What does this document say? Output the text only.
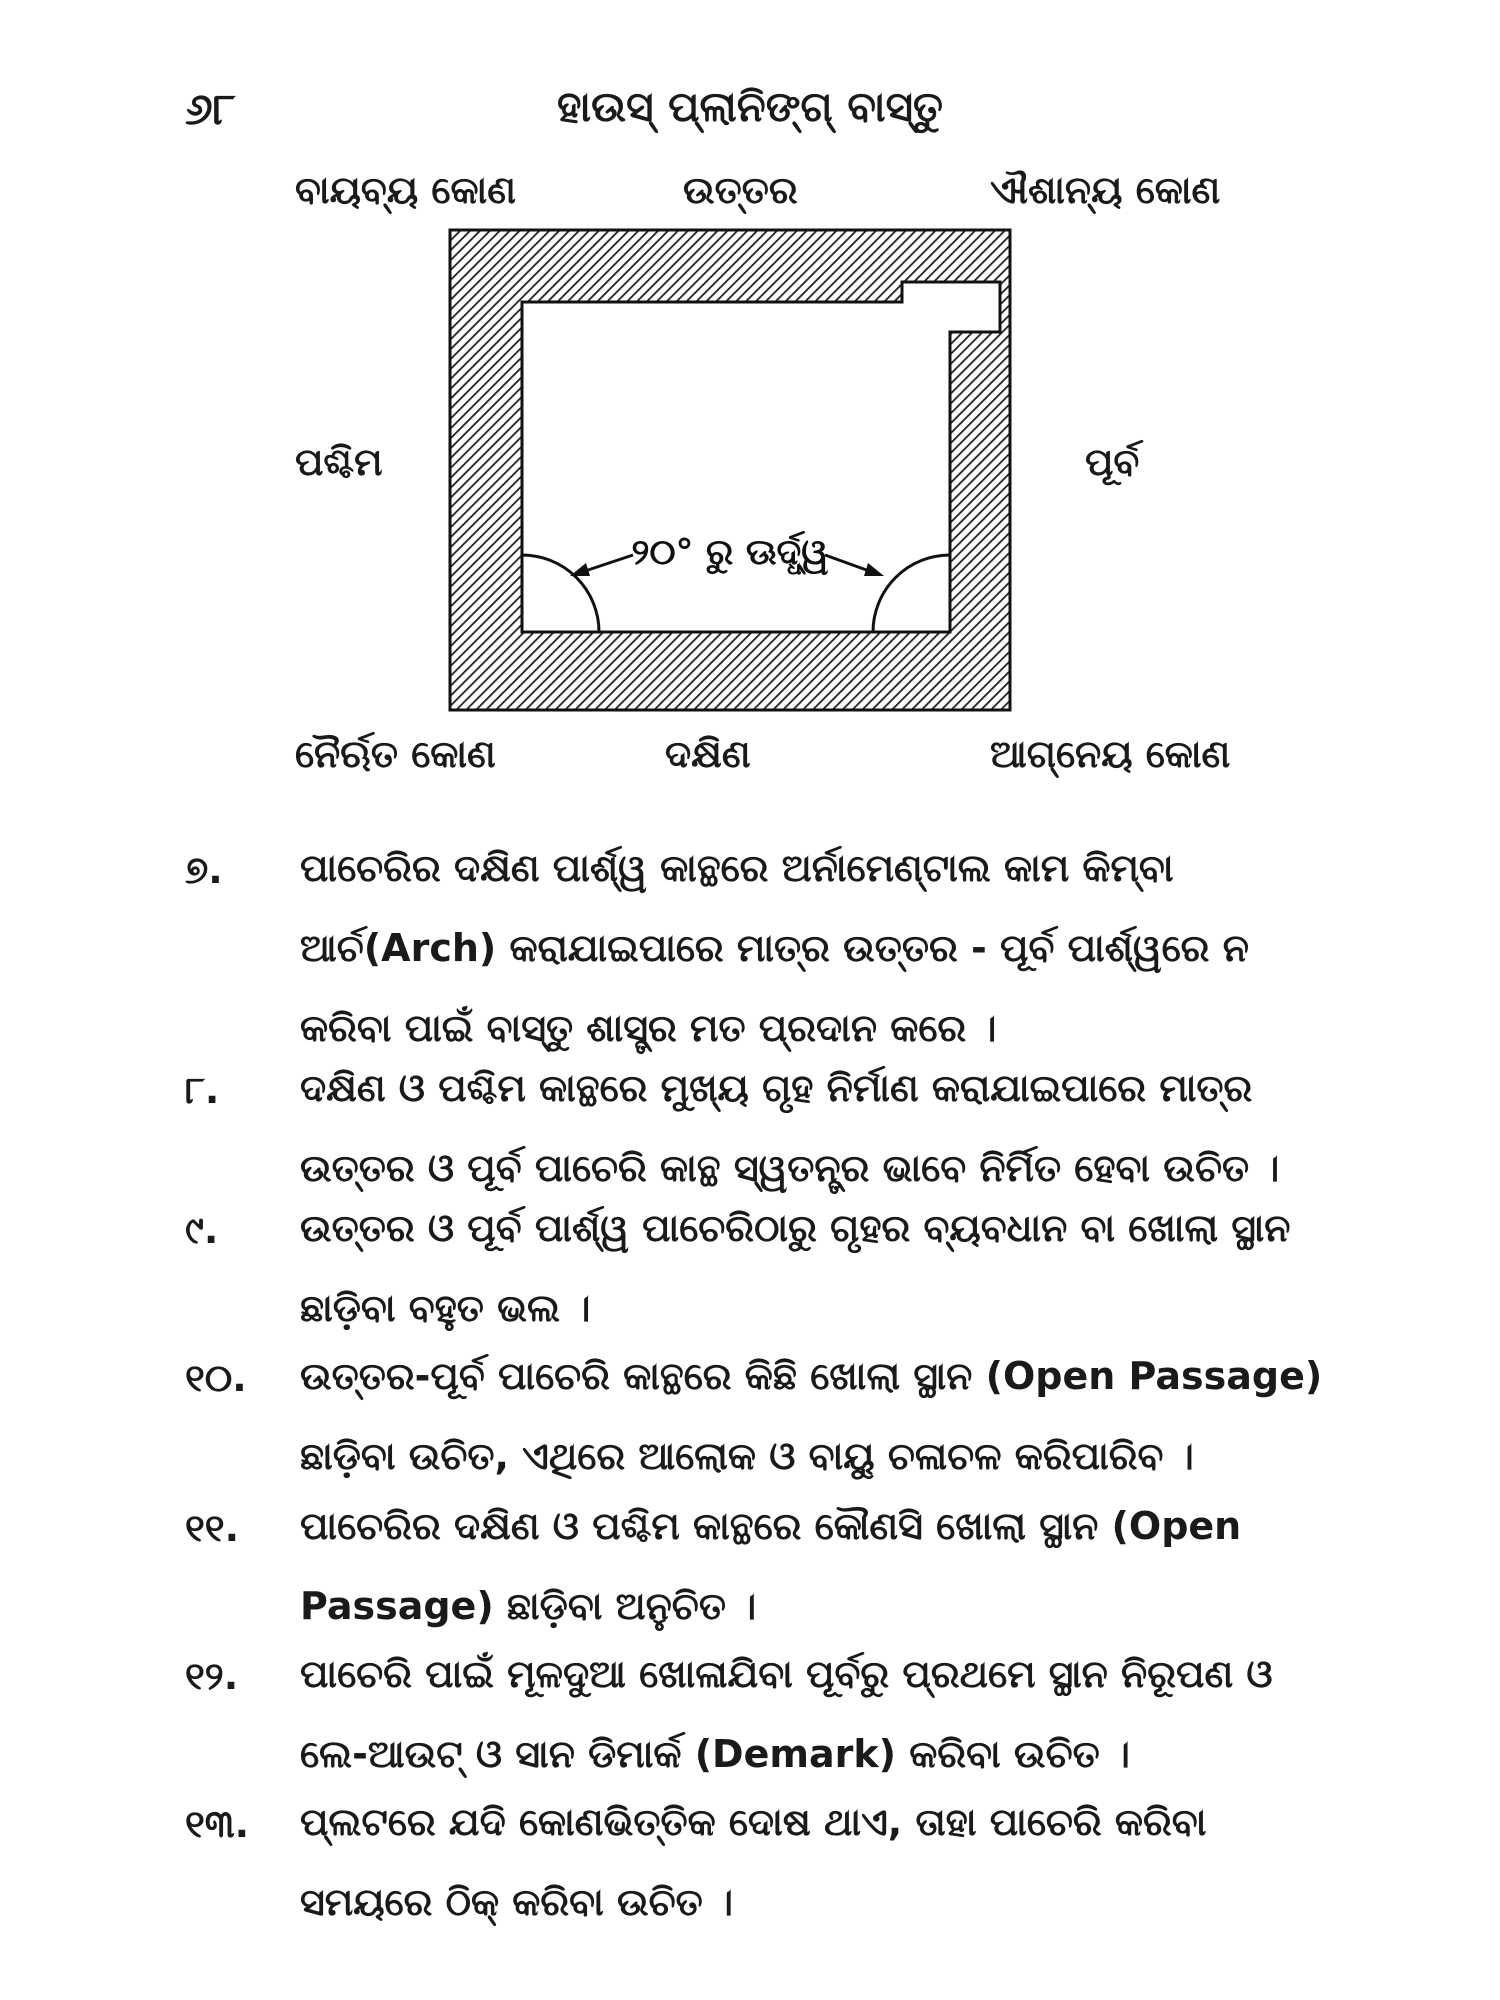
୬୮	ହାଉସ୍ ପ୍ଲାନିଙ୍ଗ୍ ବାସ୍ତୁ
ବାୟବ୍ୟ କୋଣ	ଉତ୍ତର	ଐଶାନ୍ୟ କୋଣ
ପଶ୍ଚିମ	ପୂର୍ବ
ନୈର୍ଋତ କୋଣ	ଦକ୍ଷିଣ	ଆଗ୍ନେୟ କୋଣ
୨୦° ରୁ ଊର୍ଦ୍ଧ୍ୱ
୭. ପାଚେରିର ଦକ୍ଷିଣ ପାର୍ଶ୍ୱ କାନ୍ଥରେ ଅର୍ନାମେଣ୍ଟାଲ କାମ କିମ୍ବା ଆର୍ଚ(Arch) କରାଯାଇପାରେ ମାତ୍ର ଉତ୍ତର - ପୂର୍ବ ପାର୍ଶ୍ୱରେ ନ କରିବା ପାଇଁ ବାସ୍ତୁ ଶାସ୍ତ୍ର ମତ ପ୍ରଦାନ କରେ ।
୮. ଦକ୍ଷିଣ ଓ ପଶ୍ଚିମ କାନ୍ଥରେ ମୁଖ୍ୟ ଗୃହ ନିର୍ମାଣ କରାଯାଇପାରେ ମାତ୍ର ଉତ୍ତର ଓ ପୂର୍ବ ପାଚେରି କାନ୍ଥ ସ୍ୱତନ୍ତ୍ର ଭାବେ ନିର୍ମିତ ହେବା ଉଚିତ ।
୯. ଉତ୍ତର ଓ ପୂର୍ବ ପାର୍ଶ୍ୱ ପାଚେରିଠାରୁ ଗୃହର ବ୍ୟବଧାନ ବା ଖୋଲା ସ୍ଥାନ ଛାଡ଼ିବା ବହୁତ ଭଲ ।
୧୦. ଉତ୍ତର-ପୂର୍ବ ପାଚେରି କାନ୍ଥରେ କିଛି ଖୋଲା ସ୍ଥାନ (Open Passage) ଛାଡ଼ିବା ଉଚିତ, ଏଥିରେ ଆଲୋକ ଓ ବାୟୁ ଚଳାଚଳ କରିପାରିବ ।
୧୧. ପାଚେରିର ଦକ୍ଷିଣ ଓ ପଶ୍ଚିମ କାନ୍ଥରେ କୌଣସି ଖୋଲା ସ୍ଥାନ (Open Passage) ଛାଡ଼ିବା ଅନୁଚିତ ।
୧୨. ପାଚେରି ପାଇଁ ମୂଳଦୁଆ ଖୋଳାଯିବା ପୂର୍ବରୁ ପ୍ରଥମେ ସ୍ଥାନ ନିରୂପଣ ଓ ଲେ-ଆଉଟ୍ ଓ ସାନ ଡିମାର୍କ (Demark) କରିବା ଉଚିତ ।
୧୩. ପ୍ଲଟରେ ଯଦି କୋଣଭିତ୍ତିକ ଦୋଷ ଥାଏ, ତାହା ପାଚେରି କରିବା ସମୟରେ ଠିକ୍ କରିବା ଉଚିତ ।
